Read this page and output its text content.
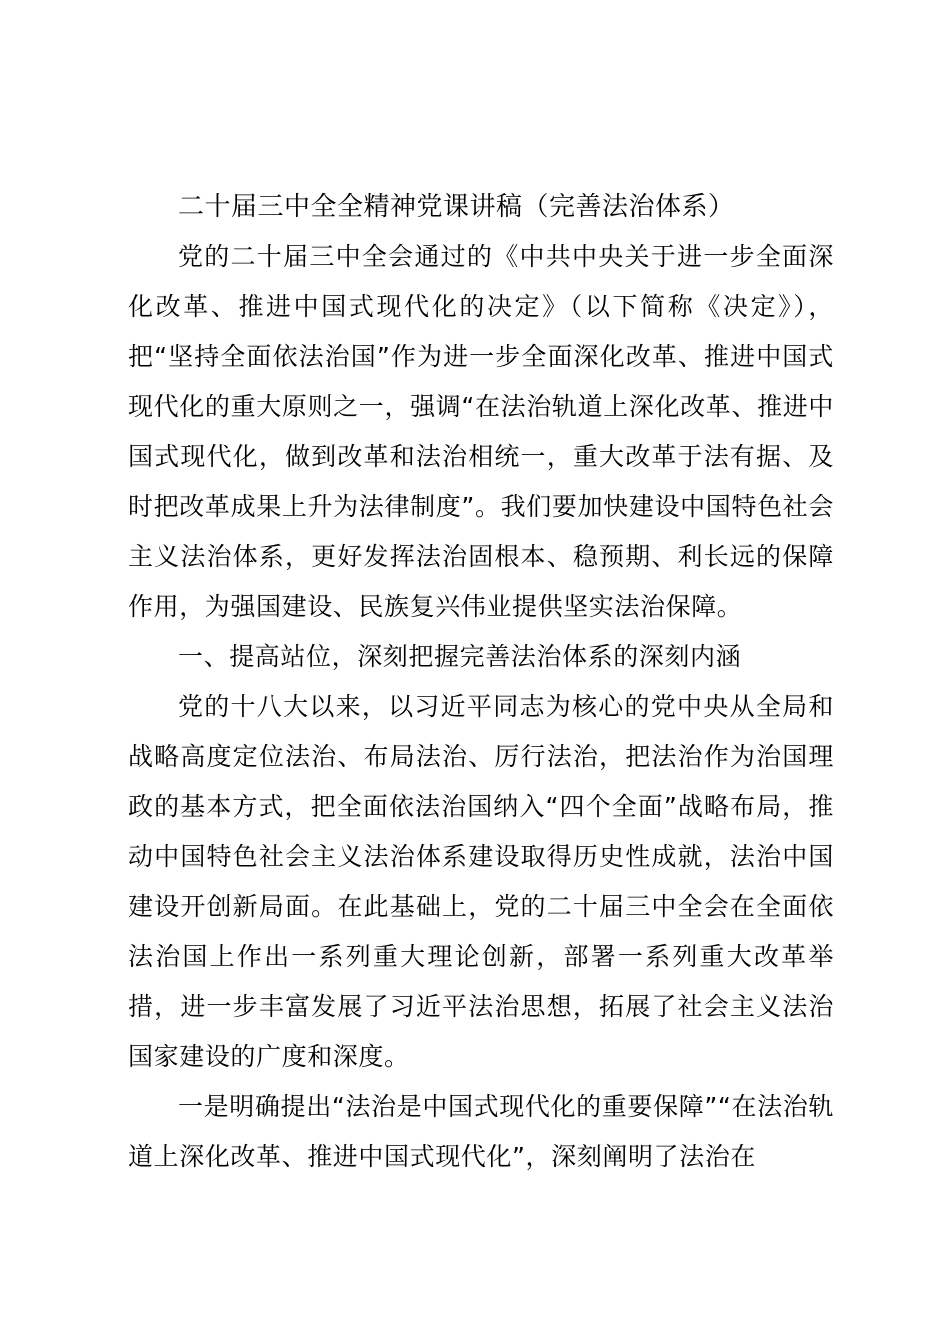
二十届三中全全精神党课讲稿（完善法治体系）

党的二十届三中全会通过的《中共中央关于进一步全面深化改革、推进中国式现代化的决定》（以下简称《决定》），把“坚持全面依法治国”作为进一步全面深化改革、推进中国式现代化的重大原则之一，强调“在法治轨道上深化改革、推进中国式现代化，做到改革和法治相统一，重大改革于法有据、及时把改革成果上升为法律制度”。我们要加快建设中国特色社会主义法治体系，更好发挥法治固根本、稳预期、利长远的保障作用，为强国建设、民族复兴伟业提供坚实法治保障。

一、提高站位，深刻把握完善法治体系的深刻内涵

党的十八大以来，以习近平同志为核心的党中央从全局和战略高度定位法治、布局法治、厉行法治，把法治作为治国理政的基本方式，把全面依法治国纳入“四个全面”战略布局，推动中国特色社会主义法治体系建设取得历史性成就，法治中国建设开创新局面。在此基础上，党的二十届三中全会在全面依法治国上作出一系列重大理论创新，部署一系列重大改革举措，进一步丰富发展了习近平法治思想，拓展了社会主义法治国家建设的广度和深度。

一是明确提出“法治是中国式现代化的重要保障”“在法治轨道上深化改革、推进中国式现代化”，深刻阐明了法治在
